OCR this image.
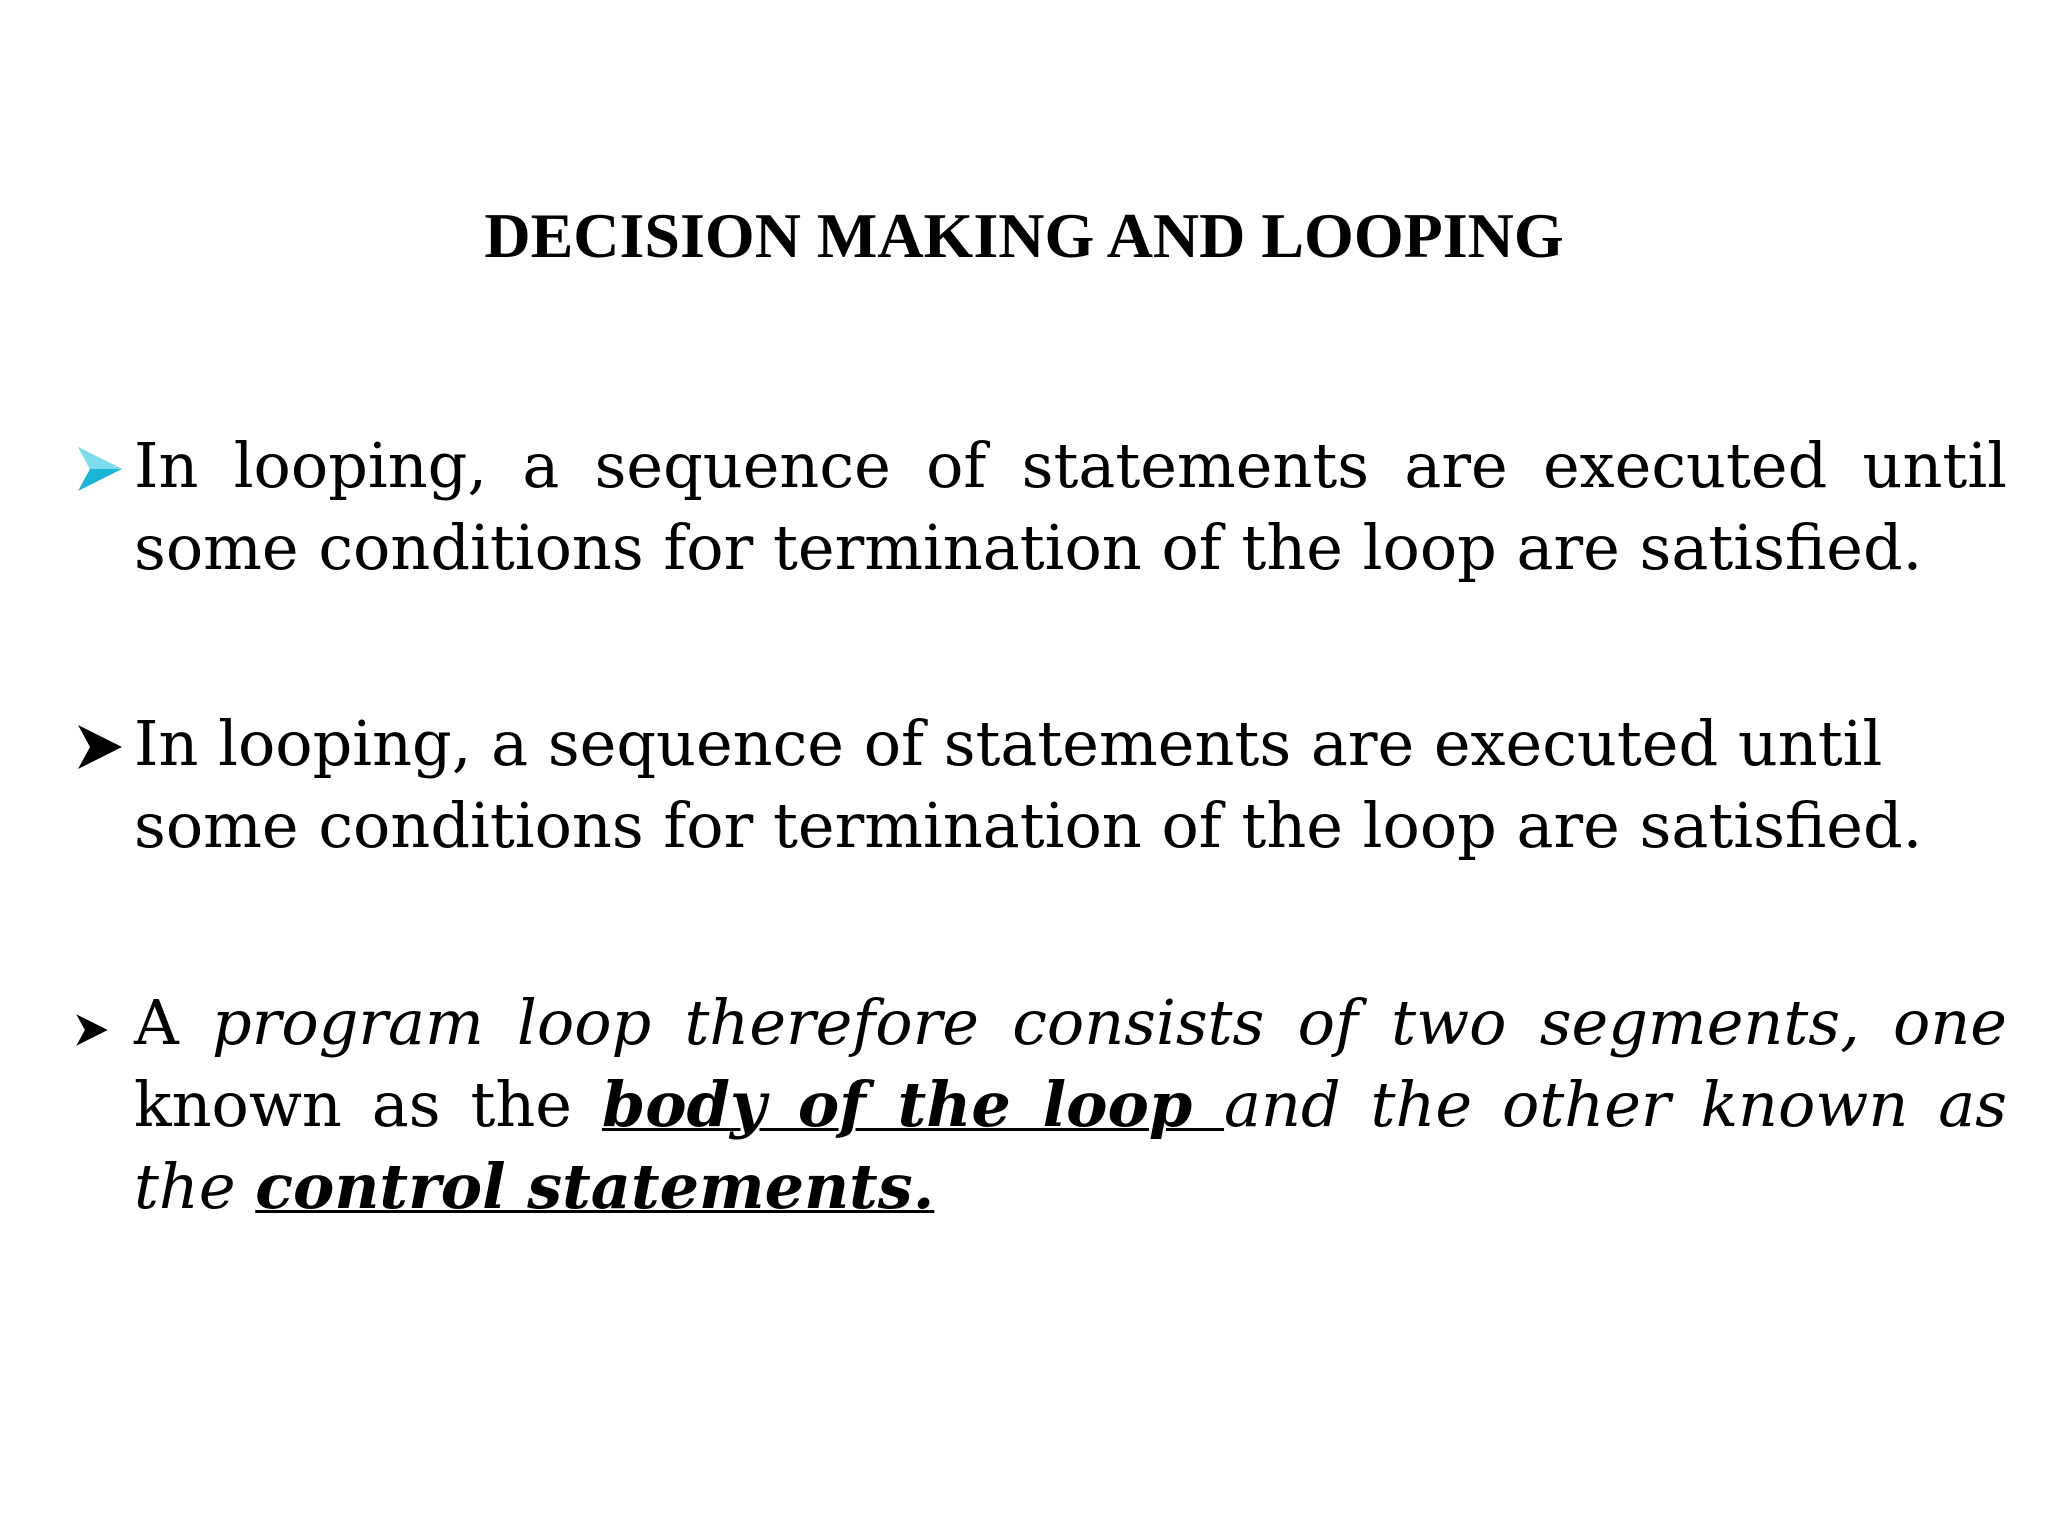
DECISION MAKING AND LOOPING
In looping, a sequence of statements are executed until some conditions for termination of the loop are satisfied.
In looping, a sequence of statements are executed until some conditions for termination of the loop are satisfied.
A program loop therefore consists of two segments, one known as the body of the loop and the other known as the control statements.
